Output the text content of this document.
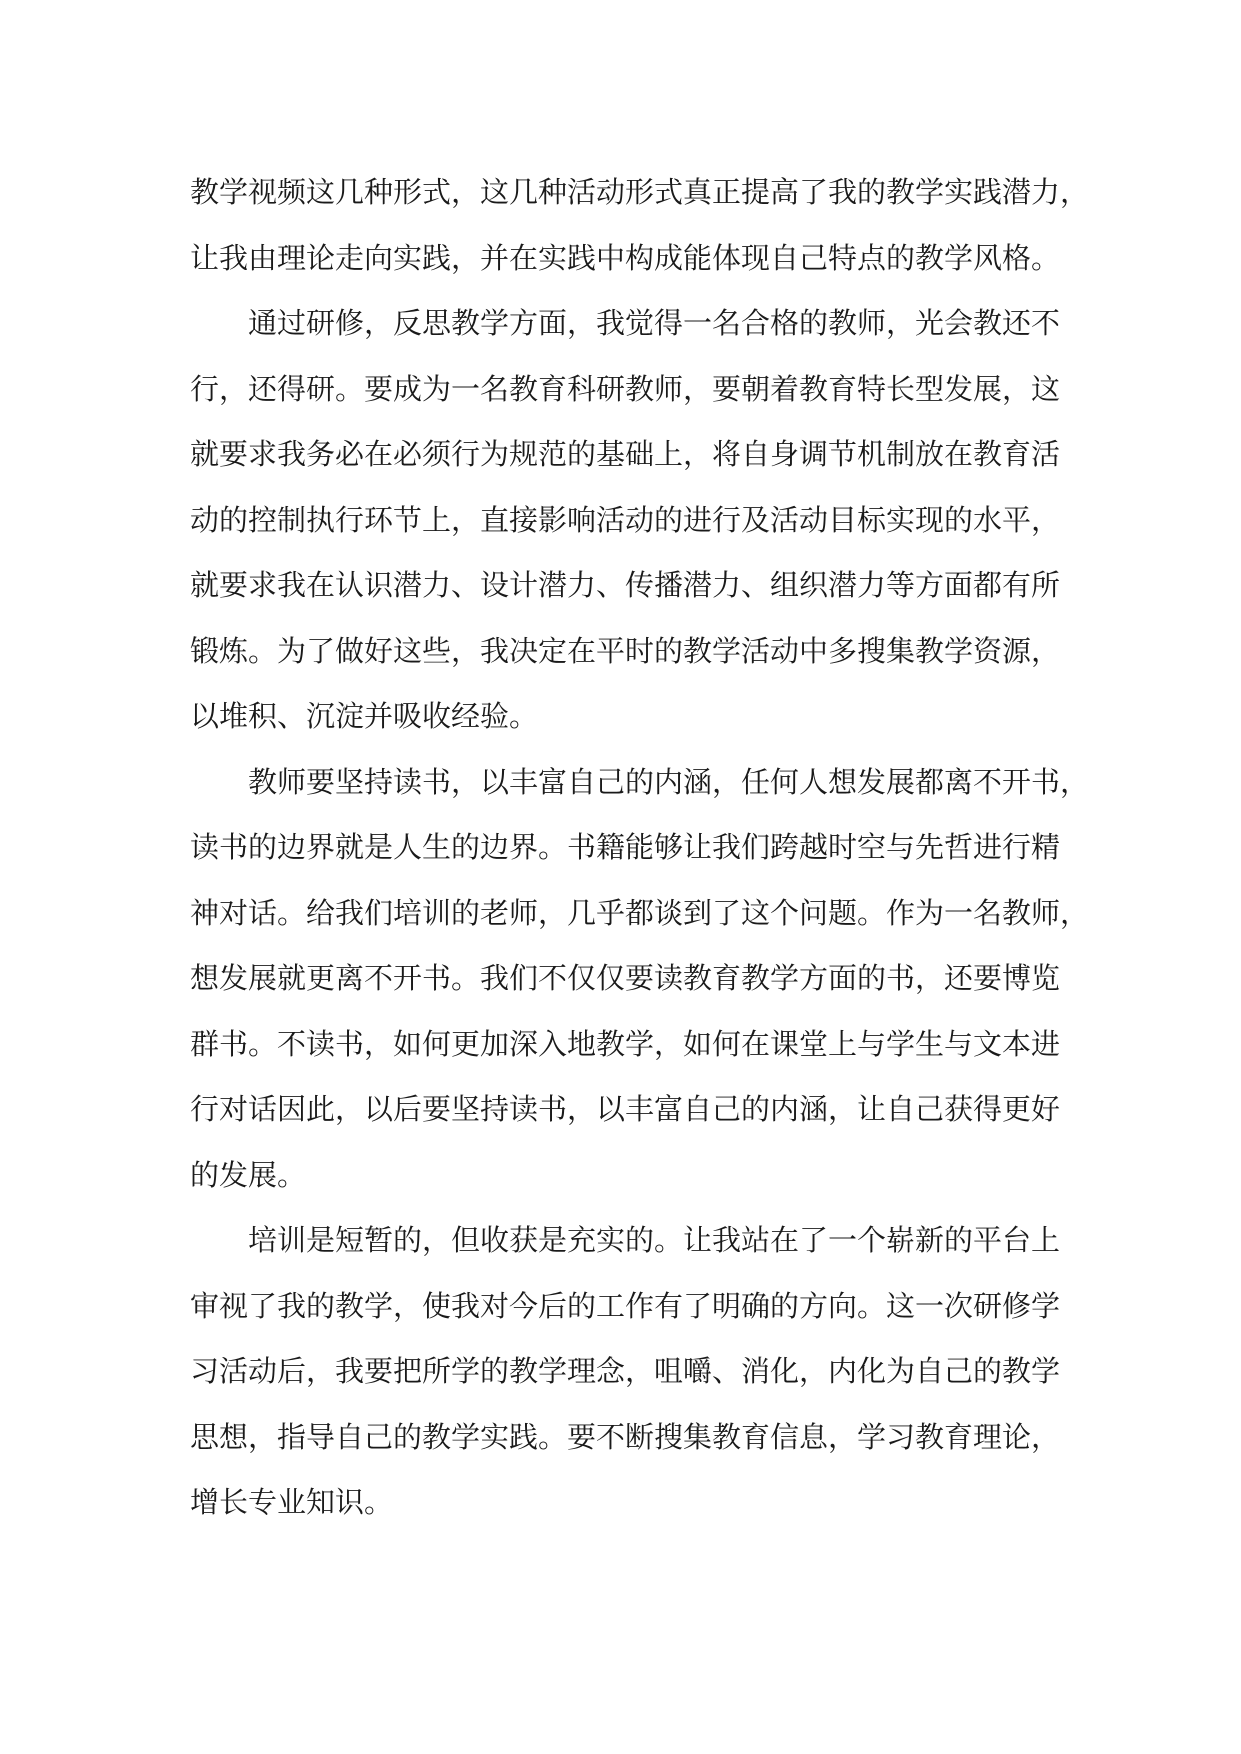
教学视频这几种形式，这几种活动形式真正提高了我的教学实践潜力，
让我由理论走向实践，并在实践中构成能体现自己特点的教学风格。
通过研修，反思教学方面，我觉得一名合格的教师，光会教还不
行，还得研。要成为一名教育科研教师，要朝着教育特长型发展，这
就要求我务必在必须行为规范的基础上，将自身调节机制放在教育活
动的控制执行环节上，直接影响活动的进行及活动目标实现的水平，
就要求我在认识潜力、设计潜力、传播潜力、组织潜力等方面都有所
锻炼。为了做好这些，我决定在平时的教学活动中多搜集教学资源，
以堆积、沉淀并吸收经验。
教师要坚持读书，以丰富自己的内涵，任何人想发展都离不开书，
读书的边界就是人生的边界。书籍能够让我们跨越时空与先哲进行精
神对话。给我们培训的老师，几乎都谈到了这个问题。作为一名教师，
想发展就更离不开书。我们不仅仅要读教育教学方面的书，还要博览
群书。不读书，如何更加深入地教学，如何在课堂上与学生与文本进
行对话因此，以后要坚持读书，以丰富自己的内涵，让自己获得更好
的发展。
培训是短暂的，但收获是充实的。让我站在了一个崭新的平台上
审视了我的教学，使我对今后的工作有了明确的方向。这一次研修学
习活动后，我要把所学的教学理念，咀嚼、消化，内化为自己的教学
思想，指导自己的教学实践。要不断搜集教育信息，学习教育理论，
增长专业知识。
